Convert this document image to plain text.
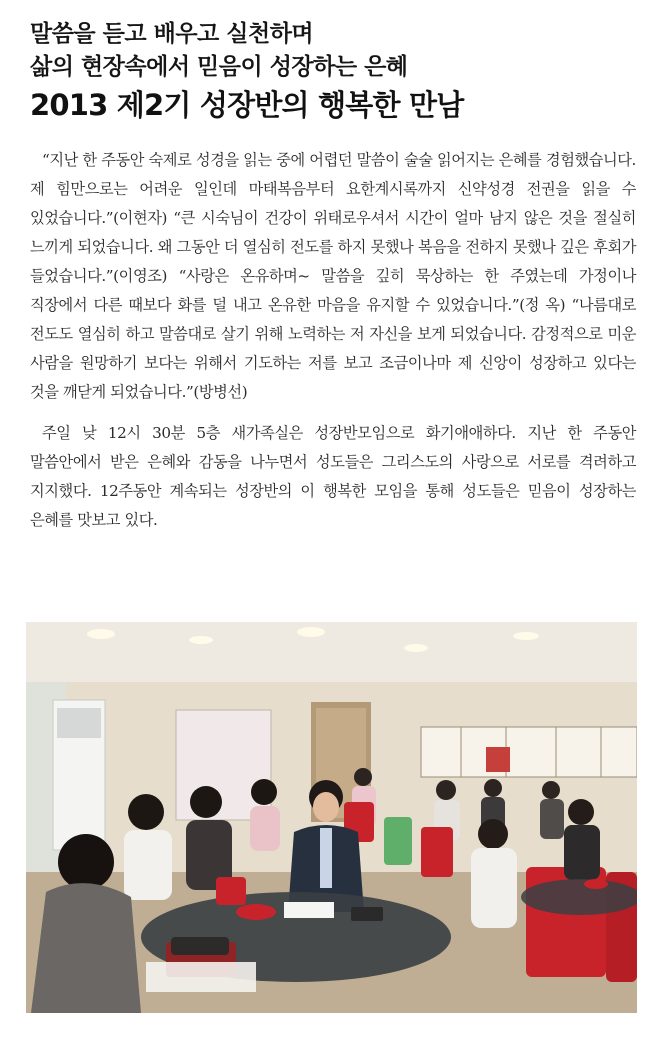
말씀을 듣고 배우고 실천하며
삶의 현장속에서 믿음이 성장하는 은혜
2013 제2기 성장반의 행복한 만남

“지난 한 주동안 숙제로 성경을 읽는 중에 어렵던 말씀이 술술 읽어지는 은혜를 경험했습니다. 제 힘만으로는 어려운 일인데 마태복음부터 요한계시록까지 신약성경 전권을 읽을 수 있었습니다.”(이현자) “큰 시숙님이 건강이 위태로우셔서 시간이 얼마 남지 않은 것을 절실히 느끼게 되었습니다. 왜 그동안 더 열심히 전도를 하지 못했나 복음을 전하지 못했나 깊은 후회가 들었습니다.”(이영조) “사랑은 온유하며~ 말씀을 깊히 묵상하는 한 주였는데 가정이나 직장에서 다른 때보다 화를 덜 내고 온유한 마음을 유지할 수 있었습니다.”(정 옥) “나름대로 전도도 열심히 하고 말씀대로 살기 위해 노력하는 저 자신을 보게 되었습니다. 감정적으로 미운 사람을 원망하기 보다는 위해서 기도하는 저를 보고 조금이나마 제 신앙이 성장하고 있다는 것을 깨닫게 되었습니다.”(방병선)

주일 낮 12시 30분 5층 새가족실은 성장반모임으로 화기애애하다. 지난 한 주동안 말씀안에서 받은 은혜와 감동을 나누면서 성도들은 그리스도의 사랑으로 서로를 격려하고 지지했다. 12주동안 계속되는 성장반의 이 행복한 모임을 통해 성도들은 믿음이 성장하는 은혜를 맛보고 있다.
